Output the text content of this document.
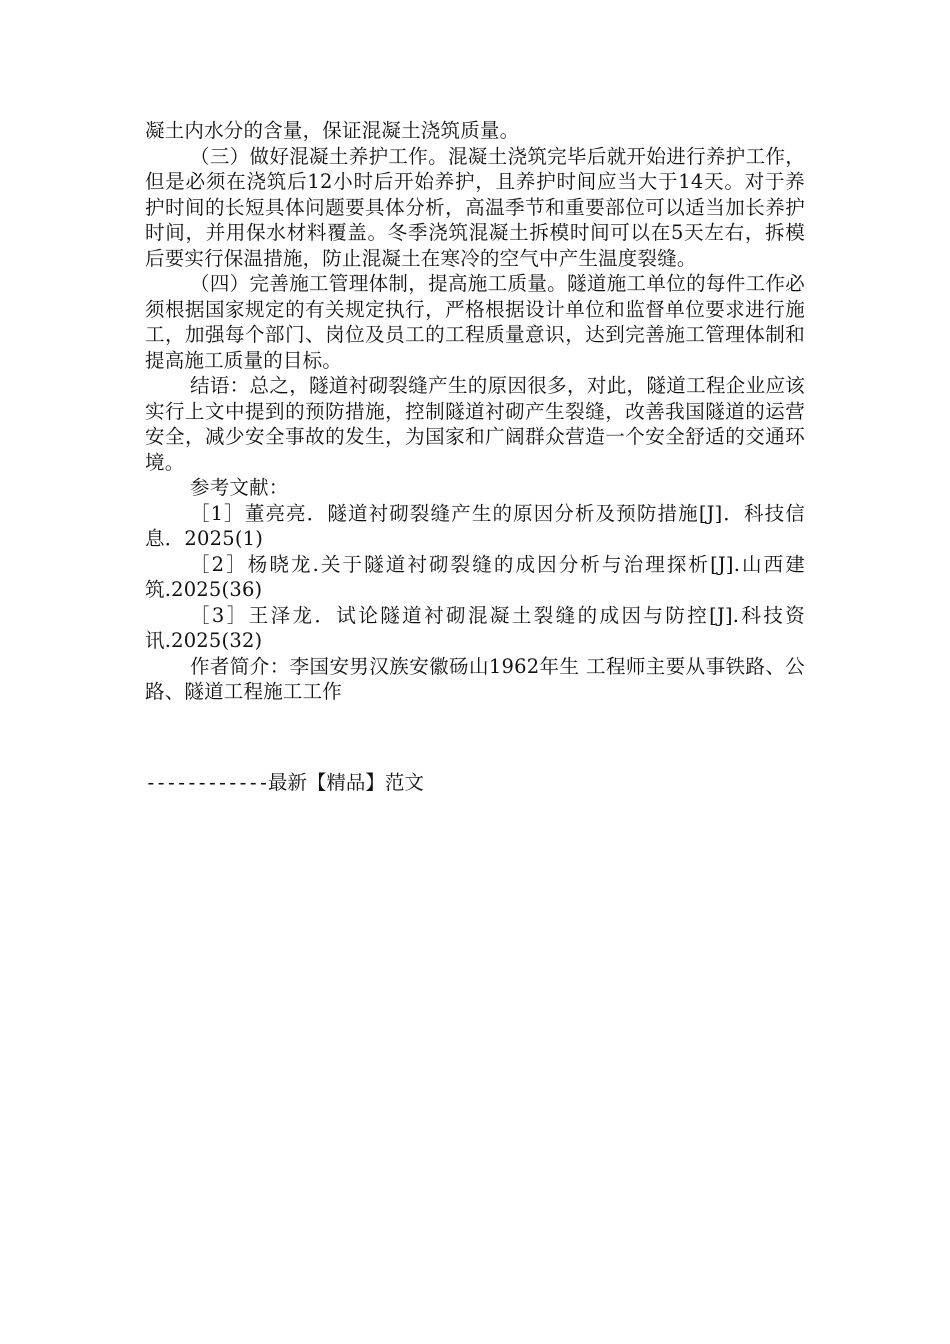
凝土内水分的含量，保证混凝土浇筑质量。

（三）做好混凝土养护工作。混凝土浇筑完毕后就开始进行养护工作，但是必须在浇筑后12小时后开始养护，且养护时间应当大于14天。对于养护时间的长短具体问题要具体分析，高温季节和重要部位可以适当加长养护时间，并用保水材料覆盖。冬季浇筑混凝土拆模时间可以在5天左右，拆模后要实行保温措施，防止混凝土在寒冷的空气中产生温度裂缝。

（四）完善施工管理体制，提高施工质量。隧道施工单位的每件工作必须根据国家规定的有关规定执行，严格根据设计单位和监督单位要求进行施工，加强每个部门、岗位及员工的工程质量意识，达到完善施工管理体制和提高施工质量的目标。

结语：总之，隧道衬砌裂缝产生的原因很多，对此，隧道工程企业应该实行上文中提到的预防措施，控制隧道衬砌产生裂缝，改善我国隧道的运营安全，减少安全事故的发生，为国家和广阔群众营造一个安全舒适的交通环境。

参考文献：

［1］董亮亮．隧道衬砌裂缝产生的原因分析及预防措施[J]．科技信息．2025(1)

［2］杨晓龙.关于隧道衬砌裂缝的成因分析与治理探析[J].山西建筑.2025(36)

［3］王泽龙．试论隧道衬砌混凝土裂缝的成因与防控[J].科技资讯.2025(32)

作者简介：李国安男汉族安徽砀山1962年生 工程师主要从事铁路、公路、隧道工程施工工作

------------最新【精品】范文
